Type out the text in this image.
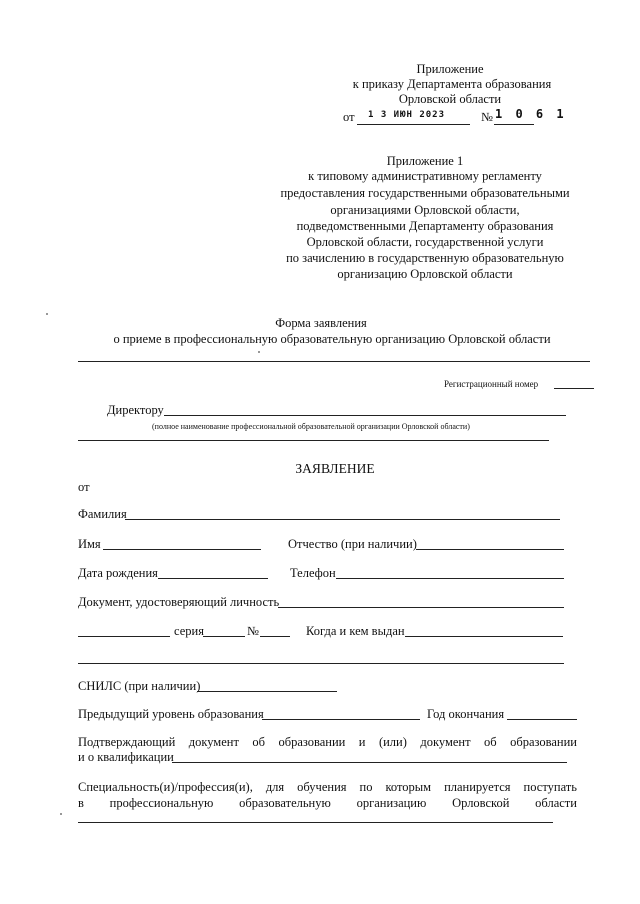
Приложение
к приказу Департамента образования
Орловской области
от 1 3 ИЮН 2023	№ 1 0 6 1
Приложение 1
к типовому административному регламенту
предоставления государственными образовательными
организациями Орловской области,
подведомственными Департаменту образования
Орловской области, государственной услуги
по зачислению в государственную образовательную
организацию Орловской области
Форма заявления
о приеме в профессиональную образовательную организацию Орловской области
Регистрационный номер
Директору
(полное наименование профессиональной образовательной организации Орловской области)
ЗАЯВЛЕНИЕ
от
Фамилия
Имя	Отчество (при наличии)
Дата рождения	Телефон
Документ, удостоверяющий личность
серия	№	Когда и кем выдан
СНИЛС (при наличии)
Предыдущий уровень образования	Год окончания
Подтверждающий документ об образовании и (или) документ об образовании
и о квалификации
Специальность(и)/профессия(и), для обучения по которым планируется поступать
в профессиональную образовательную организацию Орловской области
